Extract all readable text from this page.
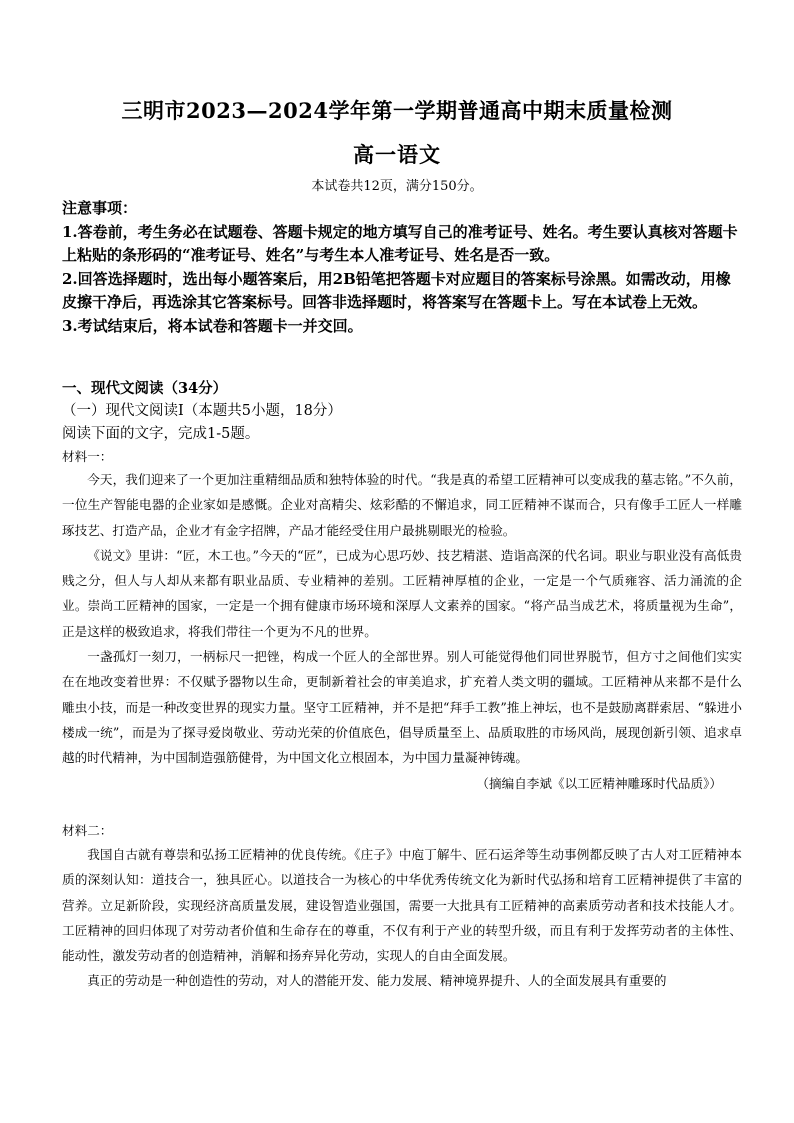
三明市2023—2024学年第一学期普通高中期末质量检测
高一语文
本试卷共12页，满分150分。

注意事项：

1.答卷前，考生务必在试题卷、答题卡规定的地方填写自己的准考证号、姓名。考生要认真核对答题卡上粘贴的条形码的“准考证号、姓名”与考生本人准考证号、姓名是否一致。

2.回答选择题时，选出每小题答案后，用2B铅笔把答题卡对应题目的答案标号涂黑。如需改动，用橡皮擦干净后，再选涂其它答案标号。回答非选择题时，将答案写在答题卡上。写在本试卷上无效。

3.考试结束后，将本试卷和答题卡一并交回。

一、现代文阅读（34分）

（一）现代文阅读Ⅰ（本题共5小题，18分）

阅读下面的文字，完成1-5题。

材料一：

今天，我们迎来了一个更加注重精细品质和独特体验的时代。“我是真的希望工匠精神可以变成我的墓志铭。”不久前，一位生产智能电器的企业家如是感慨。企业对高精尖、炫彩酷的不懈追求，同工匠精神不谋而合，只有像手工匠人一样雕琢技艺、打造产品，企业才有金字招牌，产品才能经受住用户最挑剔眼光的检验。

《说文》里讲：“匠，木工也。”今天的“匠”，已成为心思巧妙、技艺精湛、造诣高深的代名词。职业与职业没有高低贵贱之分，但人与人却从来都有职业品质、专业精神的差别。工匠精神厚植的企业，一定是一个气质雍容、活力涌流的企业。崇尚工匠精神的国家，一定是一个拥有健康市场环境和深厚人文素养的国家。“将产品当成艺术，将质量视为生命”，正是这样的极致追求，将我们带往一个更为不凡的世界。

一盏孤灯一刻刀，一柄标尺一把锉，构成一个匠人的全部世界。别人可能觉得他们同世界脱节，但方寸之间他们实实在在地改变着世界：不仅赋予器物以生命，更制新着社会的审美追求，扩充着人类文明的疆域。工匠精神从来都不是什么雕虫小技，而是一种改变世界的现实力量。坚守工匠精神，并不是把“拜手工教”推上神坛，也不是鼓励离群索居、“躲进小楼成一统”，而是为了探寻爱岗敬业、劳动光荣的价值底色，倡导质量至上、品质取胜的市场风尚，展现创新引领、追求卓越的时代精神，为中国制造强筋健骨，为中国文化立根固本，为中国力量凝神铸魂。

（摘编自李斌《以工匠精神雕琢时代品质》）

材料二：

我国自古就有尊崇和弘扬工匠精神的优良传统。《庄子》中庖丁解牛、匠石运斧等生动事例都反映了古人对工匠精神本质的深刻认知：道技合一，独具匠心。以道技合一为核心的中华优秀传统文化为新时代弘扬和培育工匠精神提供了丰富的营养。立足新阶段，实现经济高质量发展，建设智造业强国，需要一大批具有工匠精神的高素质劳动者和技术技能人才。工匠精神的回归体现了对劳动者价值和生命存在的尊重，不仅有利于产业的转型升级，而且有利于发挥劳动者的主体性、能动性，激发劳动者的创造精神，消解和扬弃异化劳动，实现人的自由全面发展。

真正的劳动是一种创造性的劳动，对人的潜能开发、能力发展、精神境界提升、人的全面发展具有重要的
